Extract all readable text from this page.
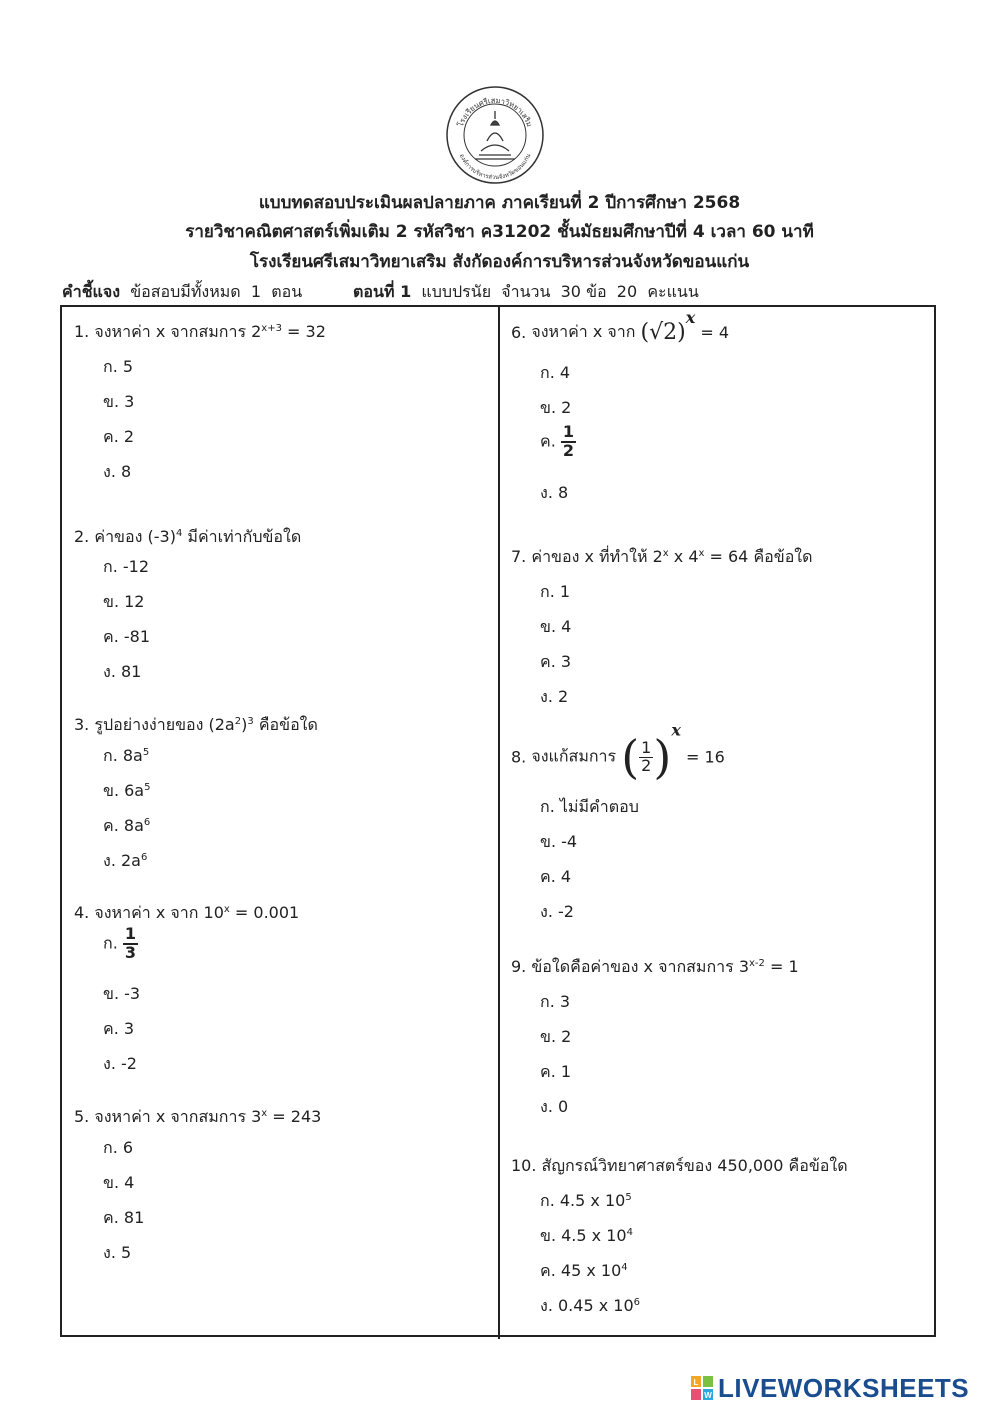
โรงเรียนศรีเสมาวิทยาเสริม
องค์การบริหารส่วนจังหวัดขอนแก่น
แบบทดสอบประเมินผลปลายภาค ภาคเรียนที่ 2 ปีการศึกษา 2568
รายวิชาคณิตศาสตร์เพิ่มเติม 2 รหัสวิชา ค31202 ชั้นมัธยมศึกษาปีที่ 4 เวลา 60 นาที
โรงเรียนศรีเสมาวิทยาเสริม สังกัดองค์การบริหารส่วนจังหวัดขอนแก่น
คำชี้แจง ข้อสอบมีทั้งหมด  1  ตอน	ตอนที่ 1 แบบปรนัย  จำนวน  30 ข้อ  20  คะแนน
1. จงหาค่า x จากสมการ $2^{x+3} = 32$
ก. 5
ข. 3
ค. 2
ง. 8
2. ค่าของ $(-3)^4$ มีค่าเท่ากับข้อใด
ก. -12
ข. 12
ค. -81
ง. 81
3. รูปอย่างง่ายของ $(2a^2)^3$ คือข้อใด
ก. $8a^5$
ข. $6a^5$
ค. $8a^6$
ง. $2a^6$
4. จงหาค่า x จาก $10^x = 0.001$
ก. $\frac{1}{3}$
ข. -3
ค. 3
ง. -2
5. จงหาค่า x จากสมการ $3^x = 243$
ก. 6
ข. 4
ค. 81
ง. 5
6. จงหาค่า x จาก $(√2)^x = 4$
ก. 4
ข. 2
ค. $\frac{1}{2}$
ง. 8
7. ค่าของ x ที่ทำให้ 2$^x$ x $4^x = 64$ คือข้อใด
ก. 1
ข. 4
ค. 3
ง. 2
8. จงแก้สมการ ( $\frac{1}{2} )^x = 16$
ก. ไม่มีคำตอบ
ข. -4
ค. 4
ง. -2
9. ข้อใดคือค่าของ x จากสมการ $3^{x-2} = 1$
ก. 3
ข. 2
ค. 1
ง. 0
10. สัญกรณ์วิทยาศาสตร์ของ 450,000 คือข้อใด
ก. 4.5 x $10^5$
ข. 4.5 x $10^4$
ค. 45 x $10^4$
ง. 0.45 x $10^6$
L
W LIVEWORKSHEETS
